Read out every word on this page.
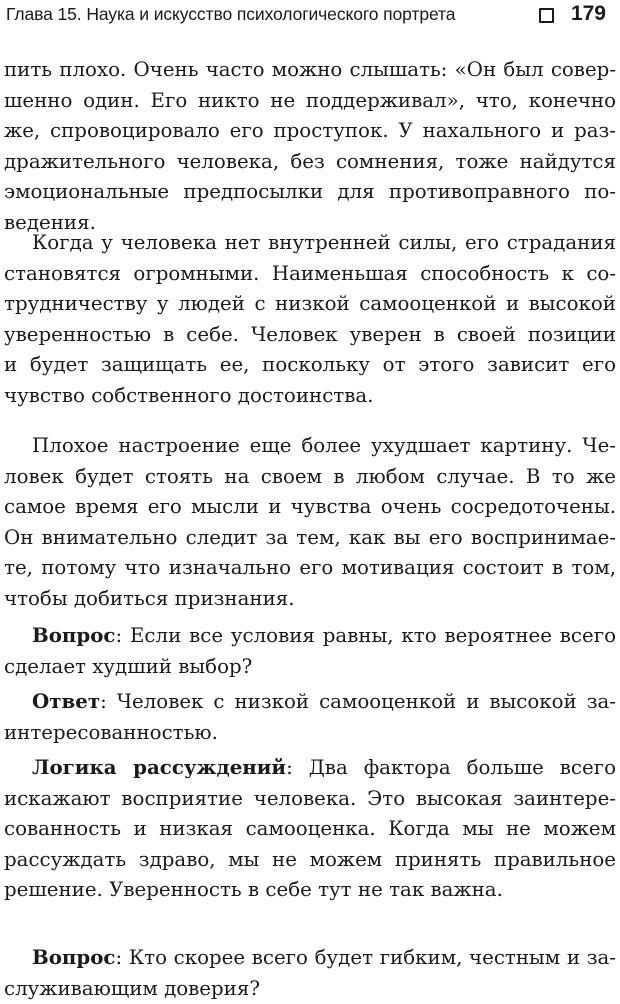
Глава 15. Наука и искусство психологического портрета	179
пить плохо. Очень часто можно слышать: «Он был совер-
шенно один. Его никто не поддерживал», что, конечно
же, спровоцировало его проступок. У нахального и раз-
дражительного человека, без сомнения, тоже найдутся
эмоциональные предпосылки для противоправного по-
ведения.
Когда у человека нет внутренней силы, его страдания
становятся огромными. Наименьшая способность к со-
трудничеству у людей с низкой самооценкой и высокой
уверенностью в себе. Человек уверен в своей позиции
и будет защищать ее, поскольку от этого зависит его
чувство собственного достоинства.
Плохое настроение еще более ухудшает картину. Че-
ловек будет стоять на своем в любом случае. В то же
самое время его мысли и чувства очень сосредоточены.
Он внимательно следит за тем, как вы его воспринимае-
те, потому что изначально его мотивация состоит в том,
чтобы добиться признания.
Вопрос: Если все условия равны, кто вероятнее всего
сделает худший выбор?
Ответ: Человек с низкой самооценкой и высокой за-
интересованностью.
Логика рассуждений: Два фактора больше всего
искажают восприятие человека. Это высокая заинтере-
сованность и низкая самооценка. Когда мы не можем
рассуждать здраво, мы не можем принять правильное
решение. Уверенность в себе тут не так важна.
Вопрос: Кто скорее всего будет гибким, честным и за-
служивающим доверия?
